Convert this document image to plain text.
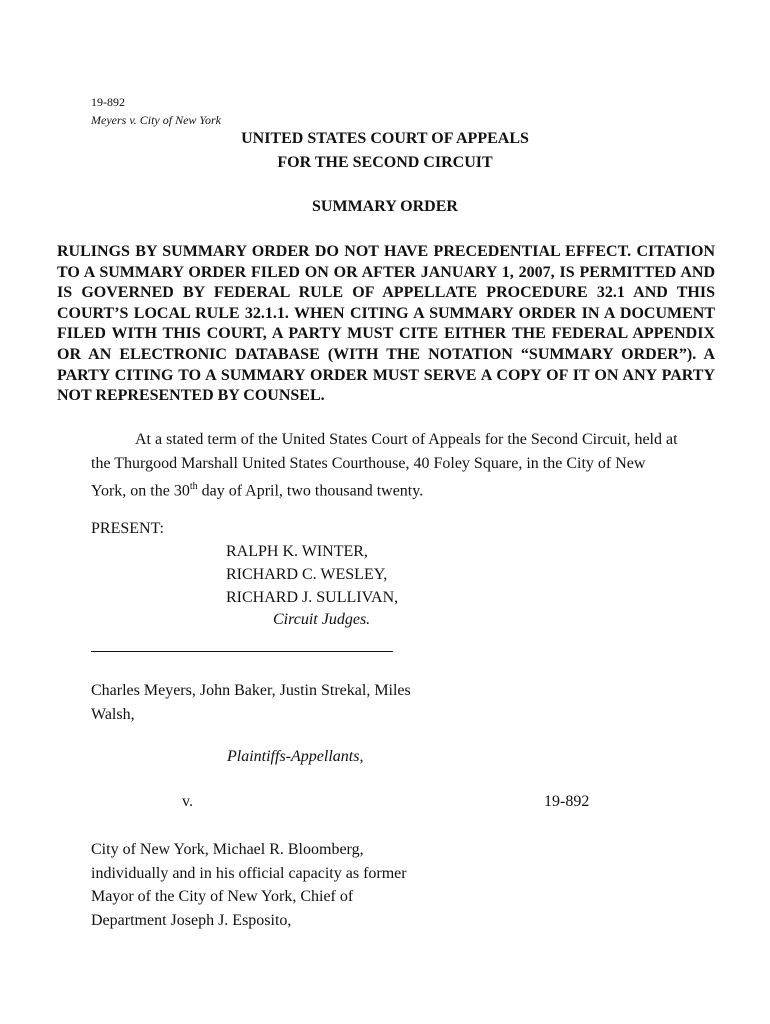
19-892
Meyers v. City of New York
UNITED STATES COURT OF APPEALS
FOR THE SECOND CIRCUIT
SUMMARY ORDER
RULINGS BY SUMMARY ORDER DO NOT HAVE PRECEDENTIAL EFFECT. CITATION TO A SUMMARY ORDER FILED ON OR AFTER JANUARY 1, 2007, IS PERMITTED AND IS GOVERNED BY FEDERAL RULE OF APPELLATE PROCEDURE 32.1 AND THIS COURT’S LOCAL RULE 32.1.1. WHEN CITING A SUMMARY ORDER IN A DOCUMENT FILED WITH THIS COURT, A PARTY MUST CITE EITHER THE FEDERAL APPENDIX OR AN ELECTRONIC DATABASE (WITH THE NOTATION “SUMMARY ORDER”). A PARTY CITING TO A SUMMARY ORDER MUST SERVE A COPY OF IT ON ANY PARTY NOT REPRESENTED BY COUNSEL.
At a stated term of the United States Court of Appeals for the Second Circuit, held at the Thurgood Marshall United States Courthouse, 40 Foley Square, in the City of New York, on the 30th day of April, two thousand twenty.
PRESENT:
RALPH K. WINTER,
RICHARD C. WESLEY,
RICHARD J. SULLIVAN,
Circuit Judges.
Charles Meyers, John Baker, Justin Strekal, Miles Walsh,
Plaintiffs-Appellants,
v.	19-892
City of New York, Michael R. Bloomberg, individually and in his official capacity as former Mayor of the City of New York, Chief of Department Joseph J. Esposito,
